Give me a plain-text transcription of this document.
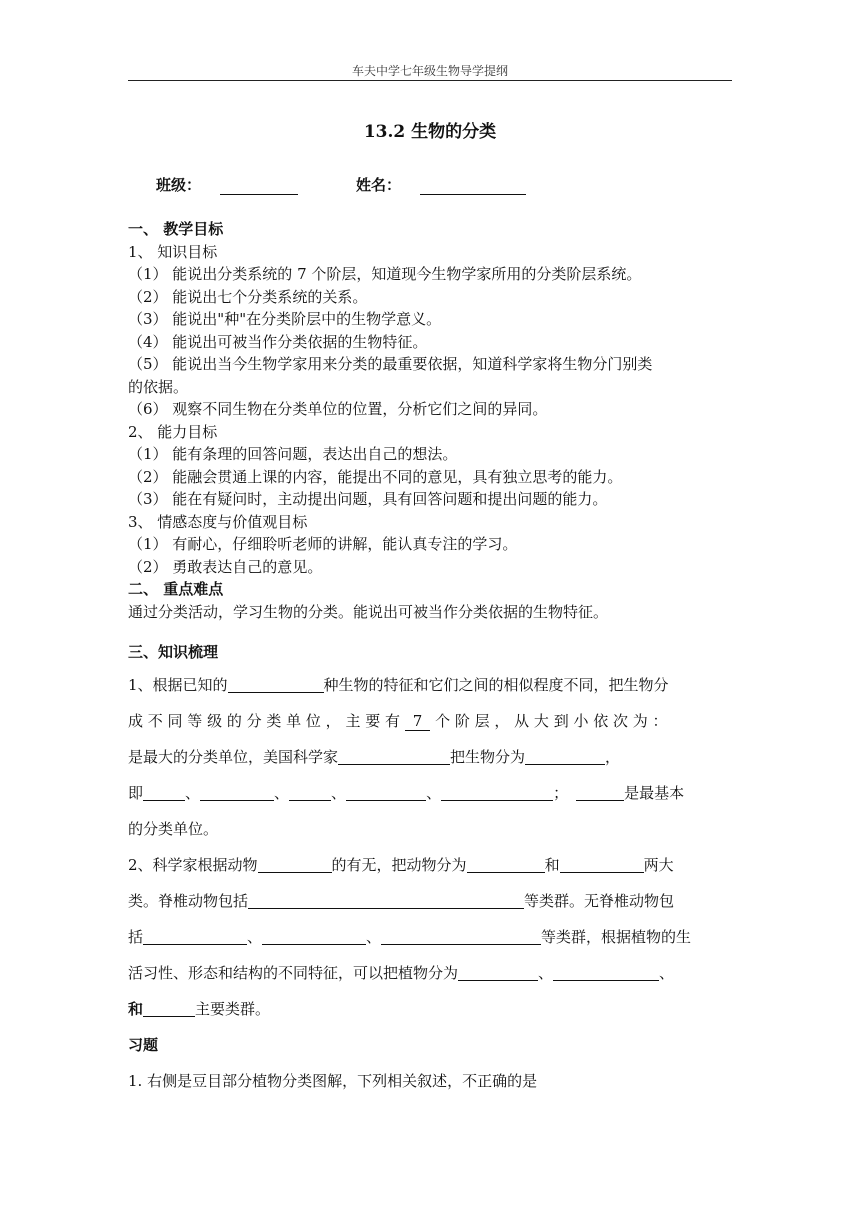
车夫中学七年级生物导学提纲
13.2 生物的分类
班级：	姓名：
一、 教学目标
1、 知识目标
（1） 能说出分类系统的 7 个阶层，知道现今生物学家所用的分类阶层系统。
（2） 能说出七个分类系统的关系。
（3） 能说出"种"在分类阶层中的生物学意义。
（4） 能说出可被当作分类依据的生物特征。
（5） 能说出当今生物学家用来分类的最重要依据，知道科学家将生物分门别类
的依据。
（6） 观察不同生物在分类单位的位置，分析它们之间的异同。
2、 能力目标
（1） 能有条理的回答问题，表达出自己的想法。
（2） 能融会贯通上课的内容，能提出不同的意见，具有独立思考的能力。
（3） 能在有疑问时，主动提出问题，具有回答问题和提出问题的能力。
3、 情感态度与价值观目标
（1） 有耐心，仔细聆听老师的讲解，能认真专注的学习。
（2） 勇敢表达自己的意见。
二、 重点难点
通过分类活动，学习生物的分类。能说出可被当作分类依据的生物特征。
三、知识梳理
1、根据已知的	种生物的特征和它们之间的相似程度不同，把生物分
成 不 同 等 级 的 分 类 单 位 ， 主 要 有 7 个 阶 层 ， 从 大 到 小 依 次 为 ：
是最大的分类单位，美国科学家	把生物分为	，
即	、	、	、	、	；	是最基本
的分类单位。
2、科学家根据动物	的有无，把动物分为	和	两大
类。脊椎动物包括	等类群。无脊椎动物包
括	、	、	等类群，根据植物的生
活习性、形态和结构的不同特征，可以把植物分为	、	、
和	主要类群。
习题
1. 右侧是豆目部分植物分类图解，下列相关叙述，不正确的是
